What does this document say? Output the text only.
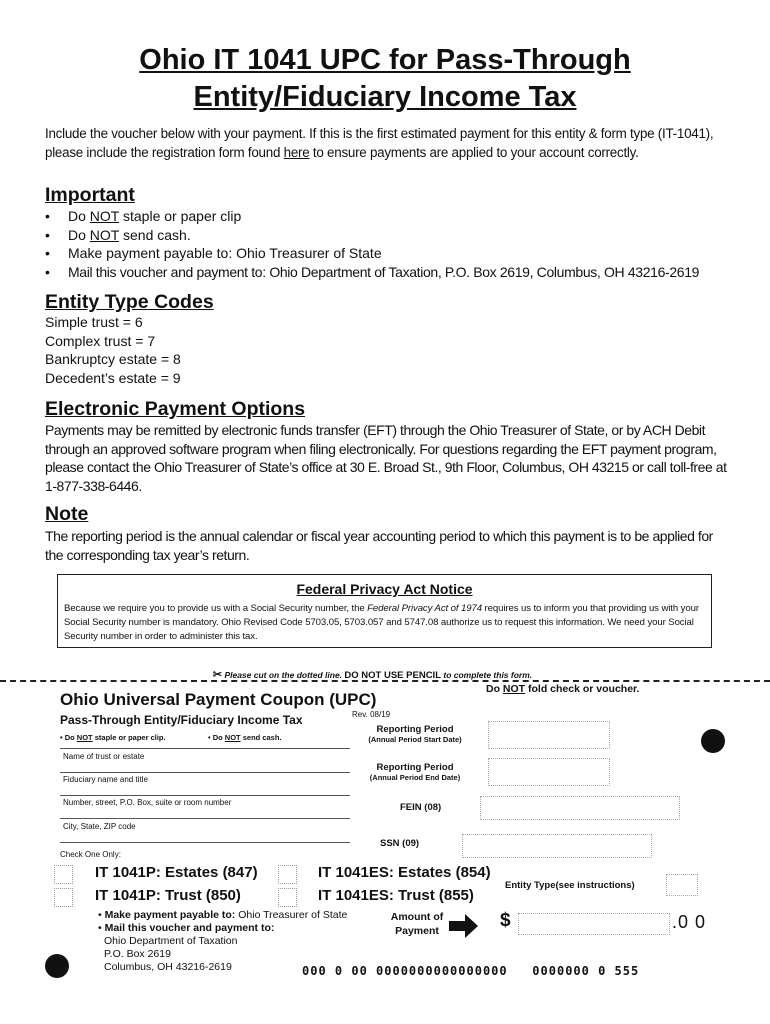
Ohio IT 1041 UPC for Pass-Through
Entity/Fiduciary Income Tax
Include the voucher below with your payment. If this is the first estimated payment for this entity & form type (IT-1041), please include the registration form found here to ensure payments are applied to your account correctly.
Important
• Do NOT staple or paper clip
• Do NOT send cash.
• Make payment payable to: Ohio Treasurer of State
• Mail this voucher and payment to: Ohio Department of Taxation, P.O. Box 2619, Columbus, OH 43216-2619
Entity Type Codes
Simple trust = 6
Complex trust = 7
Bankruptcy estate = 8
Decedent’s estate = 9
Electronic Payment Options
Payments may be remitted by electronic funds transfer (EFT) through the Ohio Treasurer of State, or by ACH Debit through an approved software program when filing electronically. For questions regarding the EFT payment program, please contact the Ohio Treasurer of State’s office at 30 E. Broad St., 9th Floor, Columbus, OH 43215 or call toll-free at 1-877-338-6446.
Note
The reporting period is the annual calendar or fiscal year accounting period to which this payment is to be applied for the corresponding tax year’s return.
Federal Privacy Act Notice
Because we require you to provide us with a Social Security number, the Federal Privacy Act of 1974 requires us to inform you that providing us with your Social Security number is mandatory. Ohio Revised Code 5703.05, 5703.057 and 5747.08 authorize us to request this information. We need your Social Security number in order to administer this tax.
✂ Please cut on the dotted line. DO NOT USE PENCIL to complete this form.
Do NOT fold check or voucher.
Ohio Universal Payment Coupon (UPC)
Rev. 08/19
Pass-Through Entity/Fiduciary Income Tax
• Do NOT staple or paper clip.	• Do NOT send cash.
Name of trust or estate
Fiduciary name and title
Number, street, P.O. Box, suite or room number
City, State, ZIP code
Check One Only:
Reporting Period
(Annual Period Start Date)
Reporting Period
(Annual Period End Date)
FEIN (08)
SSN (09)
IT 1041P: Estates (847)
IT 1041P: Trust (850)
IT 1041ES: Estates (854)
IT 1041ES: Trust (855)
Entity Type(see instructions)
• Make payment payable to: Ohio Treasurer of State
• Mail this voucher and payment to:
Ohio Department of Taxation
P.O. Box 2619
Columbus, OH 43216-2619
Amount of
Payment	$	.0 0
000 0 00 0000000000000000   0000000 0 555
